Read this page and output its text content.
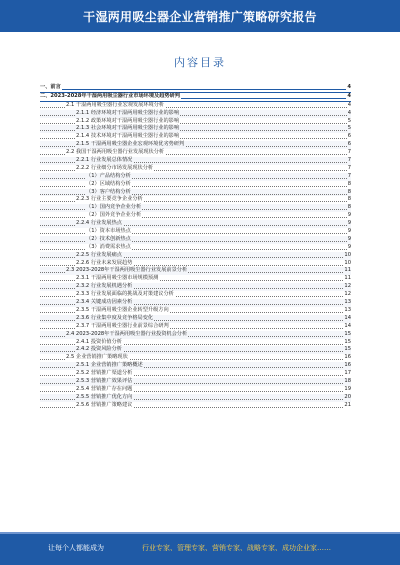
干湿两用吸尘器企业营销推广策略研究报告
内容目录
一、前言	4
二、2023-2028年干湿两用吸尘器行业市场环境及趋势研判	4
2.1 干湿两用吸尘器行业宏观发展环境分析	4
2.1.1 经济环境对干湿两用吸尘器行业的影响	4
2.1.2 政策环境对干湿两用吸尘器行业的影响	5
2.1.3 社会环境对干湿两用吸尘器行业的影响	5
2.1.4 技术环境对干湿两用吸尘器行业的影响	6
2.1.5 干湿两用吸尘器企业宏观环境优劣势研判	6
2.2 我国干湿两用吸尘器行业发展现状分析	7
2.2.1 行业发展总体情况	7
2.2.2 行业细分市场发展现状分析	7
（1）产品结构分析	7
（2）区域结构分析	8
（3）客户结构分析	8
2.2.3 行业主要竞争企业分析	8
（1）国内竞争企业分析	8
（2）国外竞争企业分析	9
2.2.4 行业发展热点	9
（1）资本市场热点	9
（2）技术创新热点	9
（3）消费需求热点	9
2.2.5 行业发展痛点	10
2.2.6 行业未来发展趋势	10
2.3 2023-2028年干湿两用吸尘器行业发展前景分析	11
2.3.1 干湿两用吸尘器市场规模预测	11
2.3.2 行业发展机遇分析	12
2.3.3 行业发展面临的挑战及对策建议分析	12
2.3.4 关键成功因素分析	13
2.3.5 干湿两用吸尘器企业转型升级方向	13
2.3.6 行业集中度及竞争格局变化	14
2.3.7 干湿两用吸尘器行业前景综合研判	14
2.4 2023-2028年干湿两用吸尘器行业投资机会分析	15
2.4.1 投资价值分析	15
2.4.2 投资风险分析	15
2.5 企业营销推广策略现状	16
2.5.1 企业营销推广策略概述	16
2.5.2 营销推广渠道分析	17
2.5.3 营销推广效果评估	18
2.5.4 营销推广存在问题	19
2.5.5 营销推广优化方向	20
2.5.6 营销推广策略建议	21
让每个人都能成为	行业专家、管理专家、营销专家、战略专家、成功企业家……
